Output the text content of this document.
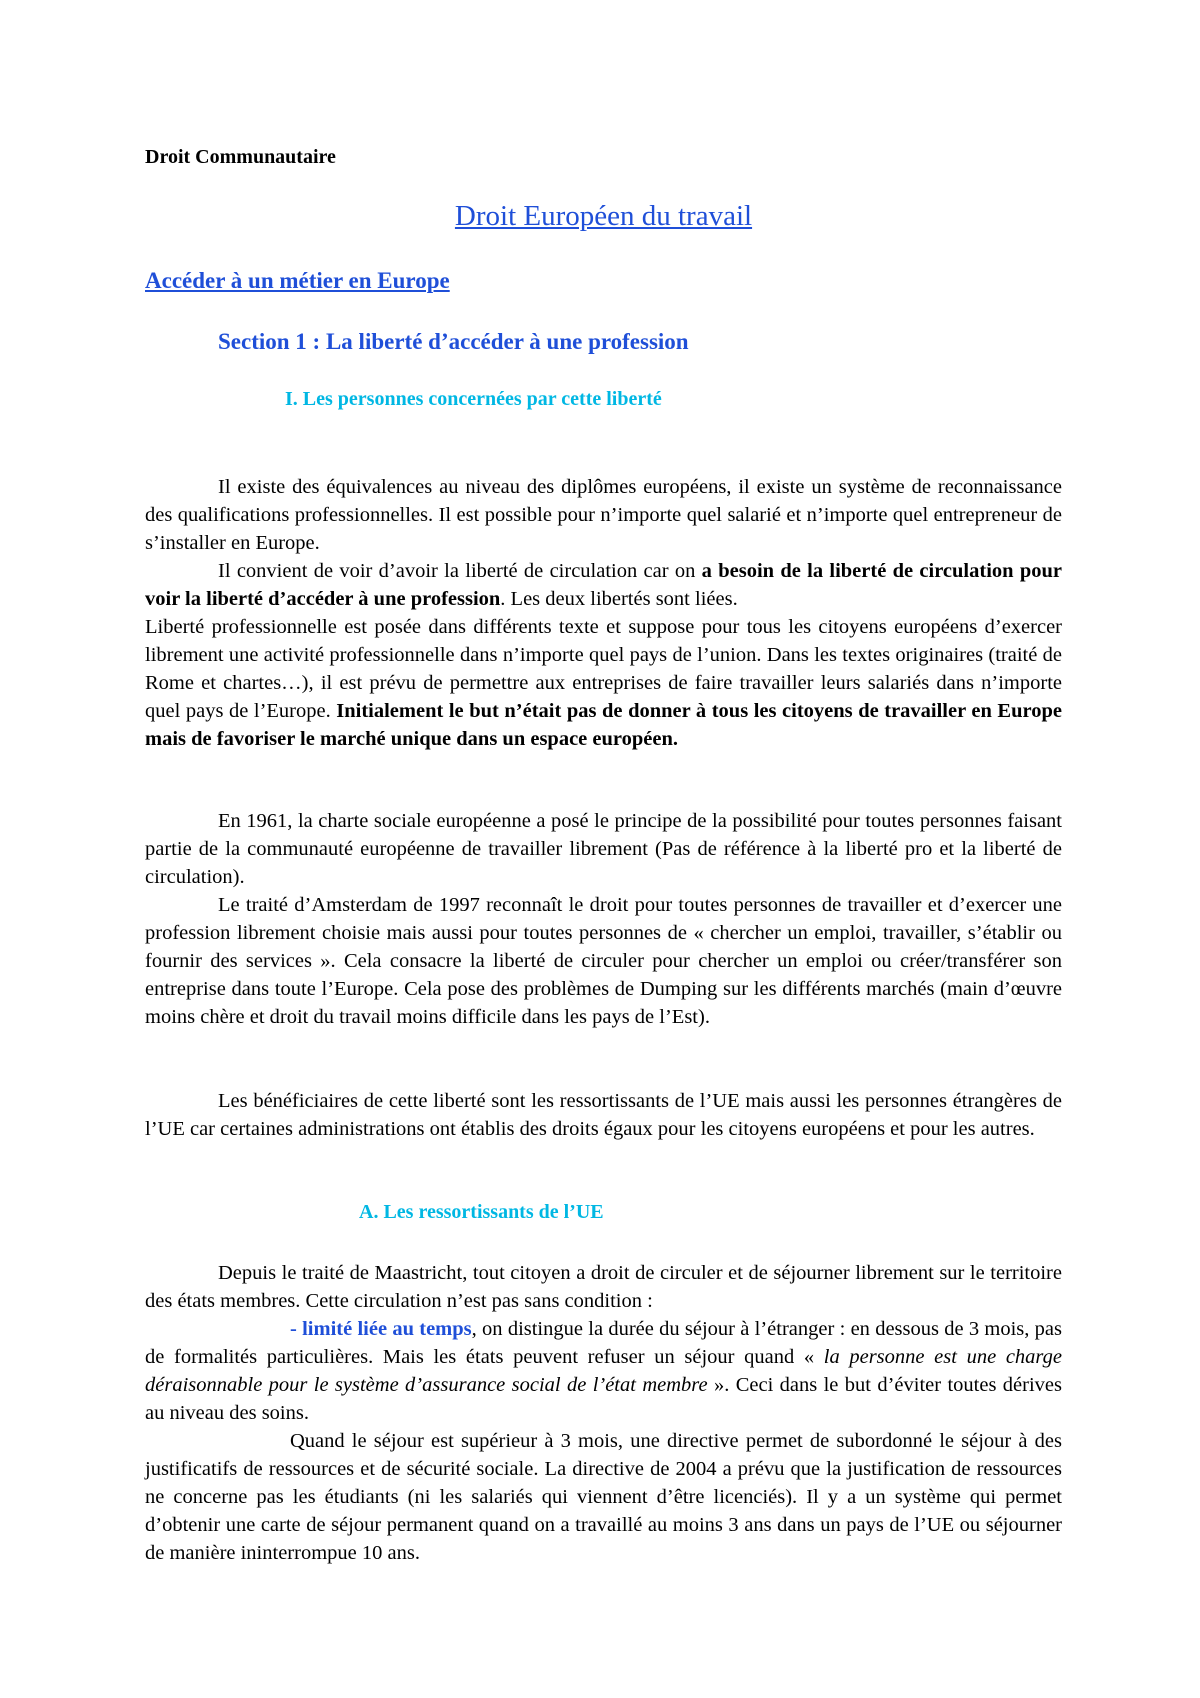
Droit Communautaire

Droit Européen du travail

Accéder à un métier en Europe

Section 1 : La liberté d’accéder à une profession

I. Les personnes concernées par cette liberté

Il existe des équivalences au niveau des diplômes européens, il existe un système de reconnaissance des qualifications professionnelles. Il est possible pour n’importe quel salarié et n’importe quel entrepreneur de s’installer en Europe.

Il convient de voir d’avoir la liberté de circulation car on a besoin de la liberté de circulation pour voir la liberté d’accéder à une profession. Les deux libertés sont liées.

Liberté professionnelle est posée dans différents texte et suppose pour tous les citoyens européens d’exercer librement une activité professionnelle dans n’importe quel pays de l’union. Dans les textes originaires (traité de Rome et chartes…), il est prévu de permettre aux entreprises de faire travailler leurs salariés dans n’importe quel pays de l’Europe. Initialement le but n’était pas de donner à tous les citoyens de travailler en Europe mais de favoriser le marché unique dans un espace européen.

En 1961, la charte sociale européenne a posé le principe de la possibilité pour toutes personnes faisant partie de la communauté européenne de travailler librement (Pas de référence à la liberté pro et la liberté de circulation).

Le traité d’Amsterdam de 1997 reconnaît le droit pour toutes personnes de travailler et d’exercer une profession librement choisie mais aussi pour toutes personnes de « chercher un emploi, travailler, s’établir ou fournir des services ». Cela consacre la liberté de circuler pour chercher un emploi ou créer/transférer son entreprise dans toute l’Europe. Cela pose des problèmes de Dumping sur les différents marchés (main d’œuvre moins chère et droit du travail moins difficile dans les pays de l’Est).

Les bénéficiaires de cette liberté sont les ressortissants de l’UE mais aussi les personnes étrangères de l’UE car certaines administrations ont établis des droits égaux pour les citoyens européens et pour les autres.

A. Les ressortissants de l’UE

Depuis le traité de Maastricht, tout citoyen a droit de circuler et de séjourner librement sur le territoire des états membres. Cette circulation n’est pas sans condition :

- limité liée au temps, on distingue la durée du séjour à l’étranger : en dessous de 3 mois, pas de formalités particulières. Mais les états peuvent refuser un séjour quand « la personne est une charge déraisonnable pour le système d’assurance social de l’état membre ». Ceci dans le but d’éviter toutes dérives au niveau des soins.

Quand le séjour est supérieur à 3 mois, une directive permet de subordonné le séjour à des justificatifs de ressources et de sécurité sociale. La directive de 2004 a prévu que la justification de ressources ne concerne pas les étudiants (ni les salariés qui viennent d’être licenciés). Il y a un système qui permet d’obtenir une carte de séjour permanent quand on a travaillé au moins 3 ans dans un pays de l’UE ou séjourner de manière ininterrompue 10 ans.
